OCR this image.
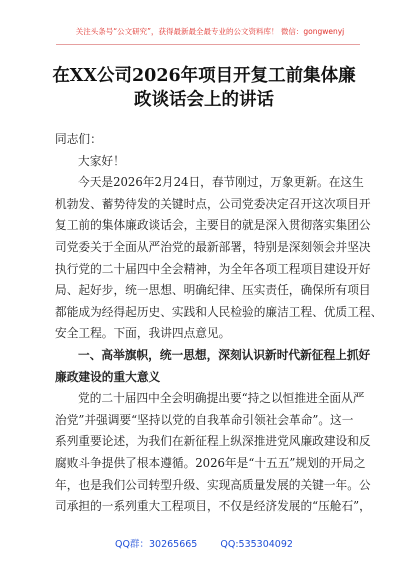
关注头条号“公文研究”，获得最新最全最专业的公文资料库！ 微信：gongwenyj
在XX公司2026年项目开复工前集体廉
政谈话会上的讲话

同志们：

大家好！

今天是2026年2月24日，春节刚过，万象更新。在这生
机勃发、蓄势待发的关键时点，公司党委决定召开这次项目开
复工前的集体廉政谈话会，主要目的就是深入贯彻落实集团公
司党委关于全面从严治党的最新部署，特别是深刻领会并坚决
执行党的二十届四中全会精神，为全年各项工程项目建设开好
局、起好步，统一思想、明确纪律、压实责任，确保所有项目
都能成为经得起历史、实践和人民检验的廉洁工程、优质工程、
安全工程。下面，我讲四点意见。
一、高举旗帜，统一思想，深刻认识新时代新征程上抓好
廉政建设的重大意义
党的二十届四中全会明确提出要“持之以恒推进全面从严
治党”并强调要“坚持以党的自我革命引领社会革命”。这一
系列重要论述，为我们在新征程上纵深推进党风廉政建设和反
腐败斗争提供了根本遵循。2026年是“十五五”规划的开局之
年，也是我们公司转型升级、实现高质量发展的关键一年。公
司承担的一系列重大工程项目，不仅是经济发展的“压舱石”，
QQ群：30265665 QQ:535304092
